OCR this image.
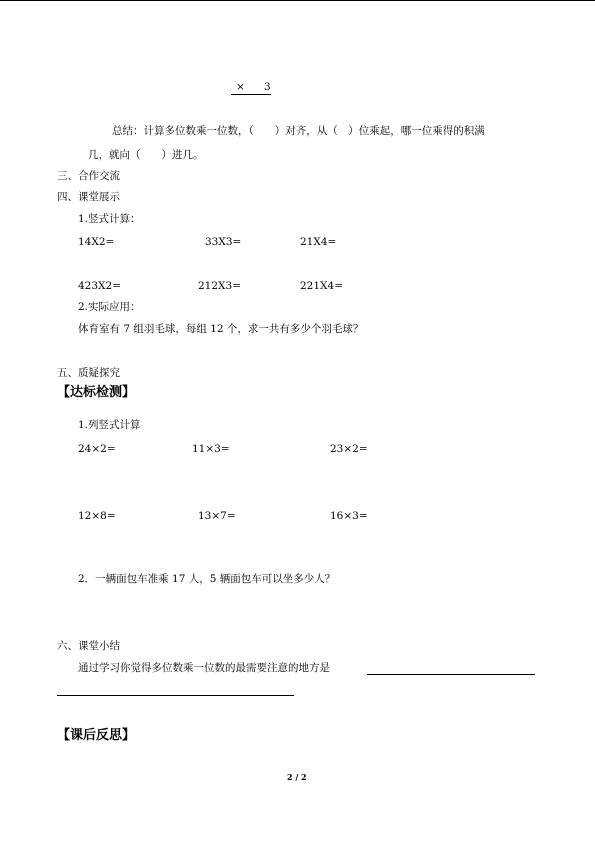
× 3
总结：计算多位数乘一位数，（　　）对齐，从（　）位乘起，哪一位乘得的积满
几，就向（　　）进几。
三、合作交流
四、课堂展示
1.竖式计算：
14X2=	33X3=	21X4=
423X2=	212X3=	221X4=
2.实际应用：
体育室有 7 组羽毛球，每组 12 个，求一共有多少个羽毛球？
五、质疑探究
【达标检测】
1.列竖式计算
24×2=	11×3=	23×2=
12×8=	13×7=	16×3=
2．一辆面包车准乘 17 人，5 辆面包车可以坐多少人？
六、课堂小结
通过学习你觉得多位数乘一位数的最需要注意的地方是
【课后反思】
2 / 2
